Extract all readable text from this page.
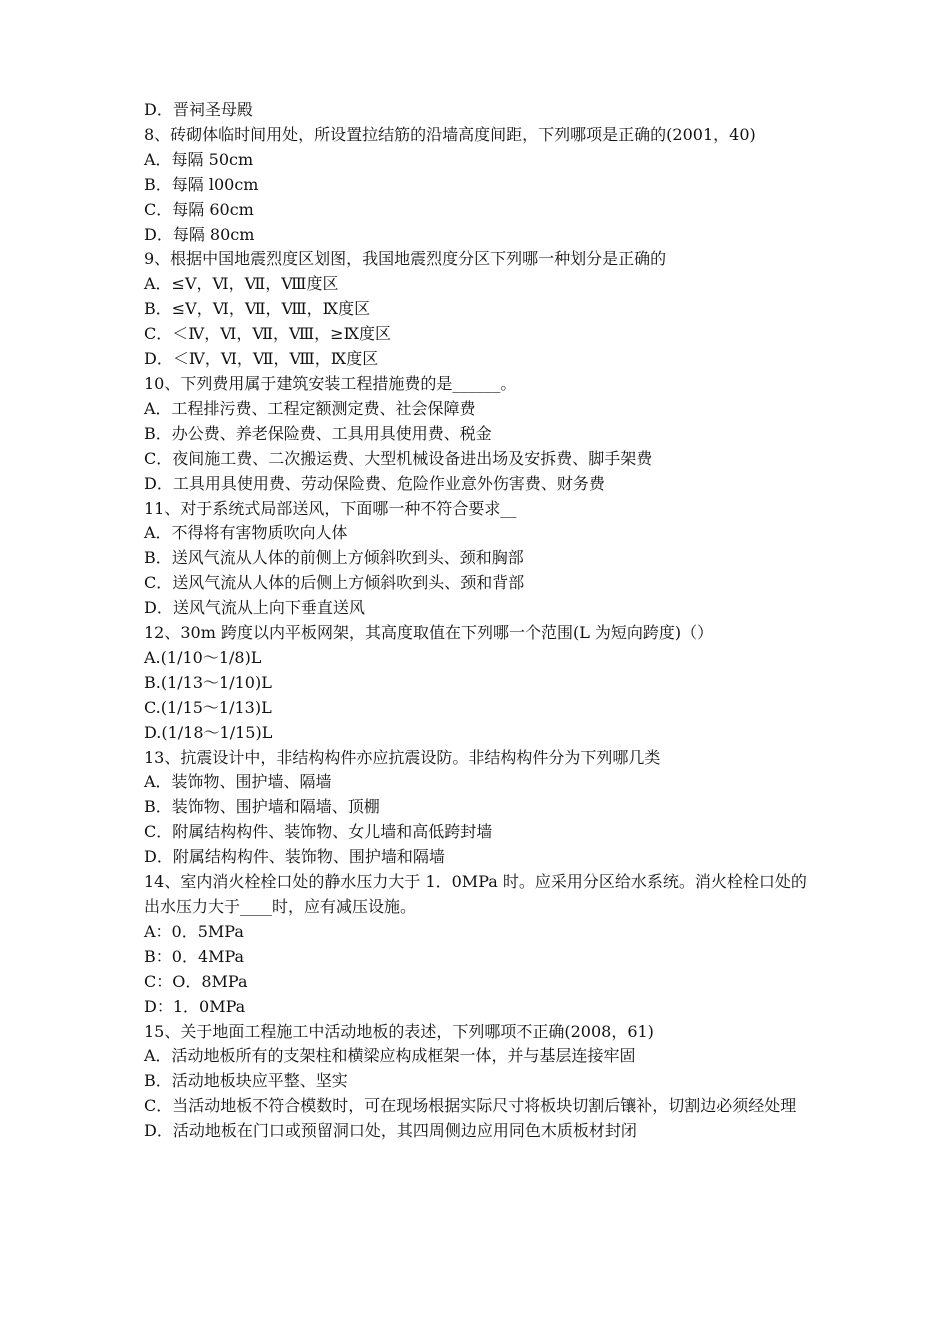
D．晋祠圣母殿

8、砖砌体临时间用处，所设置拉结筋的沿墙高度间距，下列哪项是正确的(2001，40)

A．每隔 50cm

B．每隔 l00cm

C．每隔 60cm

D．每隔 80cm

9、根据中国地震烈度区划图，我国地震烈度分区下列哪一种划分是正确的

A．≤Ⅴ，Ⅵ，Ⅶ，Ⅷ度区

B．≤Ⅴ，Ⅵ，Ⅶ，Ⅷ，Ⅸ度区

C．＜Ⅳ，Ⅵ，Ⅶ，Ⅷ，≥Ⅸ度区

D．＜Ⅳ，Ⅵ，Ⅶ，Ⅷ，Ⅸ度区

10、下列费用属于建筑安装工程措施费的是______。

A．工程排污费、工程定额测定费、社会保障费

B．办公费、养老保险费、工具用具使用费、税金

C．夜间施工费、二次搬运费、大型机械设备进出场及安拆费、脚手架费

D．工具用具使用费、劳动保险费、危险作业意外伤害费、财务费

11、对于系统式局部送风，下面哪一种不符合要求__

A．不得将有害物质吹向人体

B．送风气流从人体的前侧上方倾斜吹到头、颈和胸部

C．送风气流从人体的后侧上方倾斜吹到头、颈和背部

D．送风气流从上向下垂直送风

12、30m 跨度以内平板网架，其高度取值在下列哪一个范围(L 为短向跨度)（）

A.(1/10～1/8)L

B.(1/13～1/10)L

C.(1/15～1/13)L

D.(1/18～1/15)L

13、抗震设计中，非结构构件亦应抗震设防。非结构构件分为下列哪几类

A．装饰物、围护墙、隔墙

B．装饰物、围护墙和隔墙、顶棚

C．附属结构构件、装饰物、女儿墙和高低跨封墙

D．附属结构构件、装饰物、围护墙和隔墙

14、室内消火栓栓口处的静水压力大于 1．0MPa 时。应采用分区给水系统。消火栓栓口处的出水压力大于____时，应有减压设施。

A：0．5MPa

B：0．4MPa

C：O．8MPa

D：1．0MPa

15、关于地面工程施工中活动地板的表述，下列哪项不正确(2008，61)

A．活动地板所有的支架柱和横梁应构成框架一体，并与基层连接牢固

B．活动地板块应平整、坚实

C．当活动地板不符合模数时，可在现场根据实际尺寸将板块切割后镶补，切割边必须经处理

D．活动地板在门口或预留洞口处，其四周侧边应用同色木质板材封闭
